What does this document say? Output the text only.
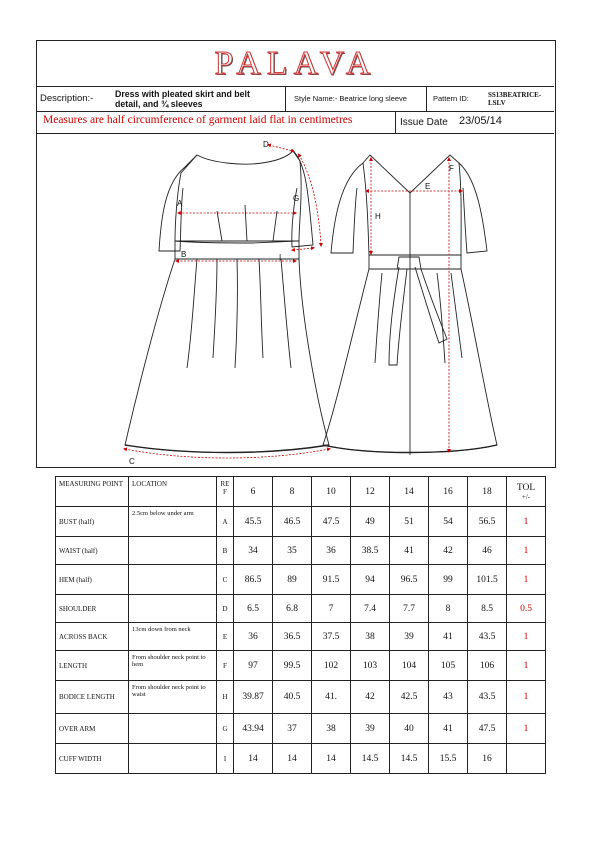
PALAVA
Description:- Dress with pleated skirt and belt detail, and ¾ sleeves	Style Name:- Beatrice long sleeve	Pattern ID:	SS13BEATRICE-LSLV
Measures are half circumference of garment laid flat in centimetres	Issue Date 23/05/14
A
B
C
D
G
I
E
F
H
MEASURING POINT	LOCATION	REF	6	8	10	12	14	16	18	TOL
+/-

BUST (half)	2.5cm below under arm	A	45.5	46.5	47.5	49	51	54	56.5	1
WAIST (half)		B	34	35	36	38.5	41	42	46	1
HEM (half)		C	86.5	89	91.5	94	96.5	99	101.5	1
SHOULDER		D	6.5	6.8	7	7.4	7.7	8	8.5	0.5
ACROSS BACK	13cm down from neck	E	36	36.5	37.5	38	39	41	43.5	1
LENGTH	From shoulder neck point to hem	F	97	99.5	102	103	104	105	106	1
BODICE LENGTH	From shoulder neck point to waist	H	39.87	40.5	41.	42	42.5	43	43.5	1
OVER ARM		G	43.94	37	38	39	40	41	47.5	1
CUFF WIDTH		I	14	14	14	14.5	14.5	15.5	16	
